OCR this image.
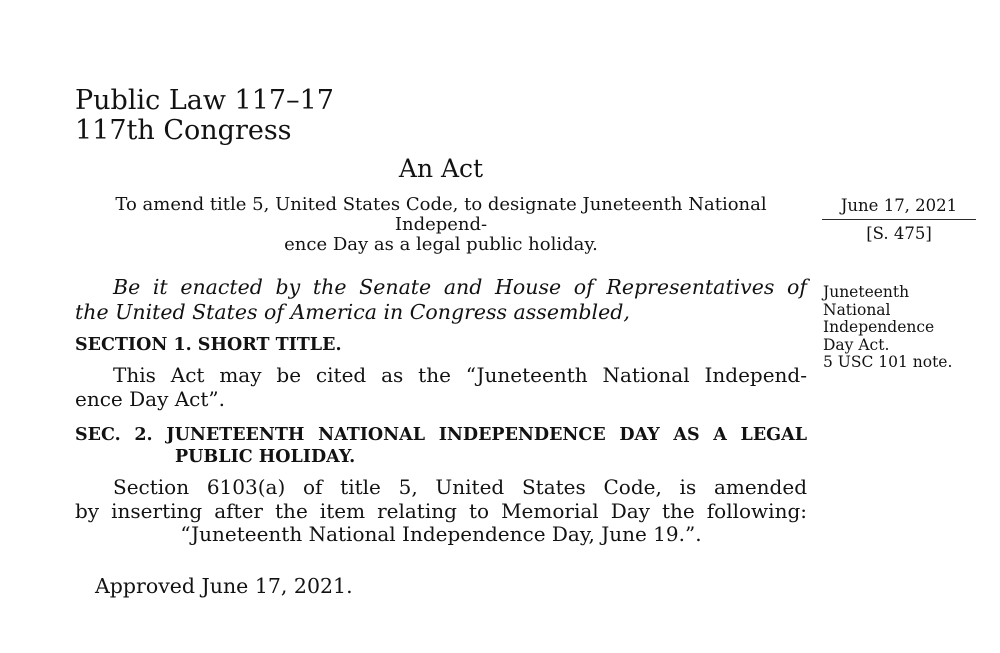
Public Law 117–17
117th Congress
An Act
To amend title 5, United States Code, to designate Juneteenth National Independ-
ence Day as a legal public holiday.
Be it enacted by the Senate and House of Representatives of
the United States of America in Congress assembled,
SECTION 1. SHORT TITLE.
This Act may be cited as the “Juneteenth National Independ-
ence Day Act”.
SEC. 2. JUNETEENTH NATIONAL INDEPENDENCE DAY AS A LEGAL
PUBLIC HOLIDAY.
Section 6103(a) of title 5, United States Code, is amended
by inserting after the item relating to Memorial Day the following:
“Juneteenth National Independence Day, June 19.”.
Approved June 17, 2021.
June 17, 2021
[S. 475]
Juneteenth
National
Independence
Day Act.
5 USC 101 note.
